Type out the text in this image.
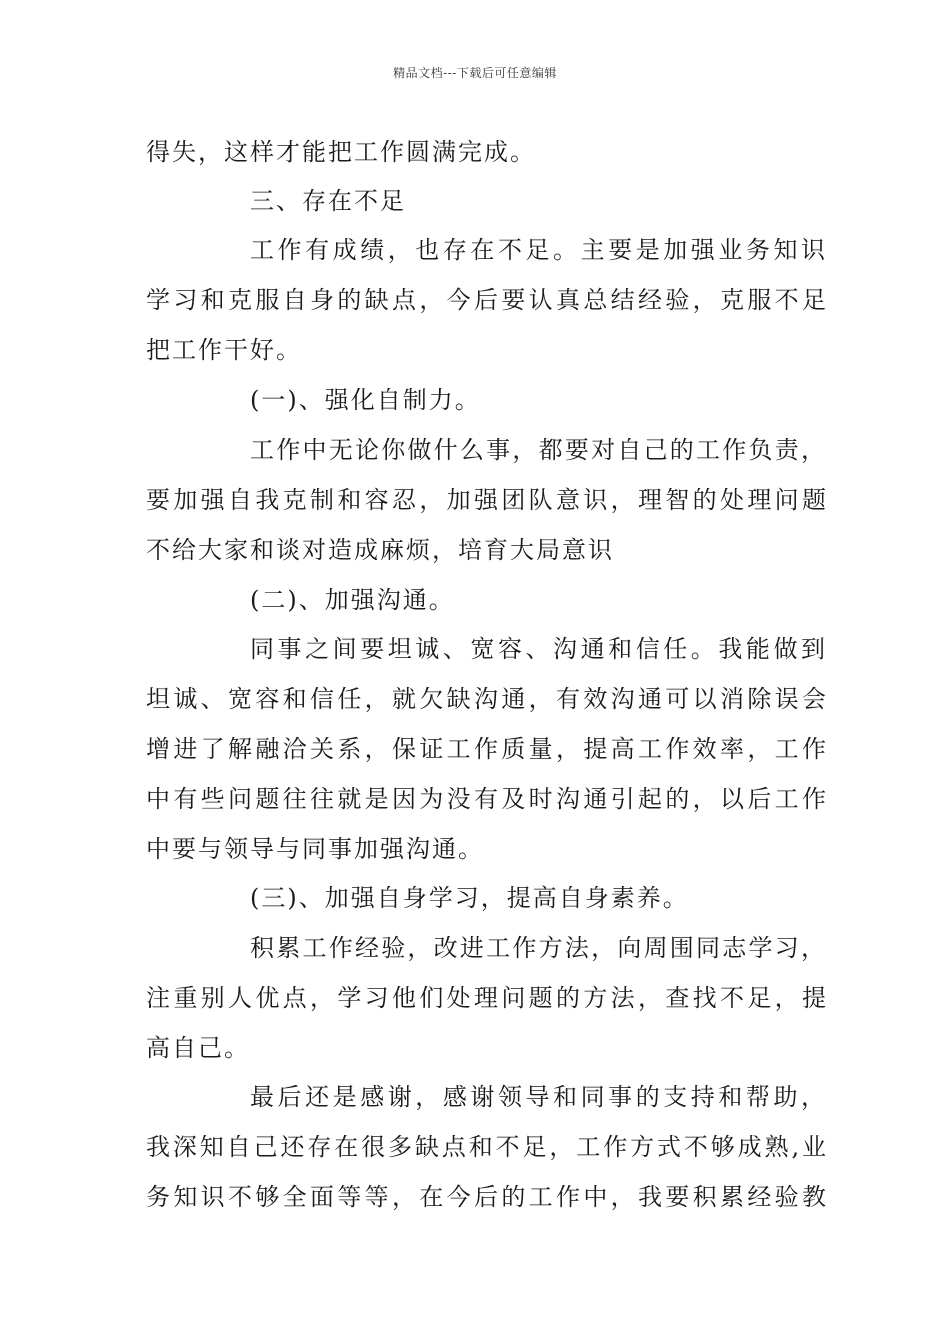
精品文档---下载后可任意编辑
得失，这样才能把工作圆满完成。
三、存在不足
工作有成绩，也存在不足。主要是加强业务知识
学习和克服自身的缺点，今后要认真总结经验，克服不足
把工作干好。
(一)、强化自制力。
工作中无论你做什么事，都要对自己的工作负责，
要加强自我克制和容忍，加强团队意识，理智的处理问题
不给大家和谈对造成麻烦，培育大局意识
(二)、加强沟通。
同事之间要坦诚、宽容、沟通和信任。我能做到
坦诚、宽容和信任，就欠缺沟通，有效沟通可以消除误会
增进了解融洽关系，保证工作质量，提高工作效率，工作
中有些问题往往就是因为没有及时沟通引起的，以后工作
中要与领导与同事加强沟通。
(三)、加强自身学习，提高自身素养。
积累工作经验，改进工作方法，向周围同志学习，
注重别人优点，学习他们处理问题的方法，查找不足，提
高自己。
最后还是感谢，感谢领导和同事的支持和帮助，
我深知自己还存在很多缺点和不足，工作方式不够成熟,业
务知识不够全面等等，在今后的工作中，我要积累经验教
